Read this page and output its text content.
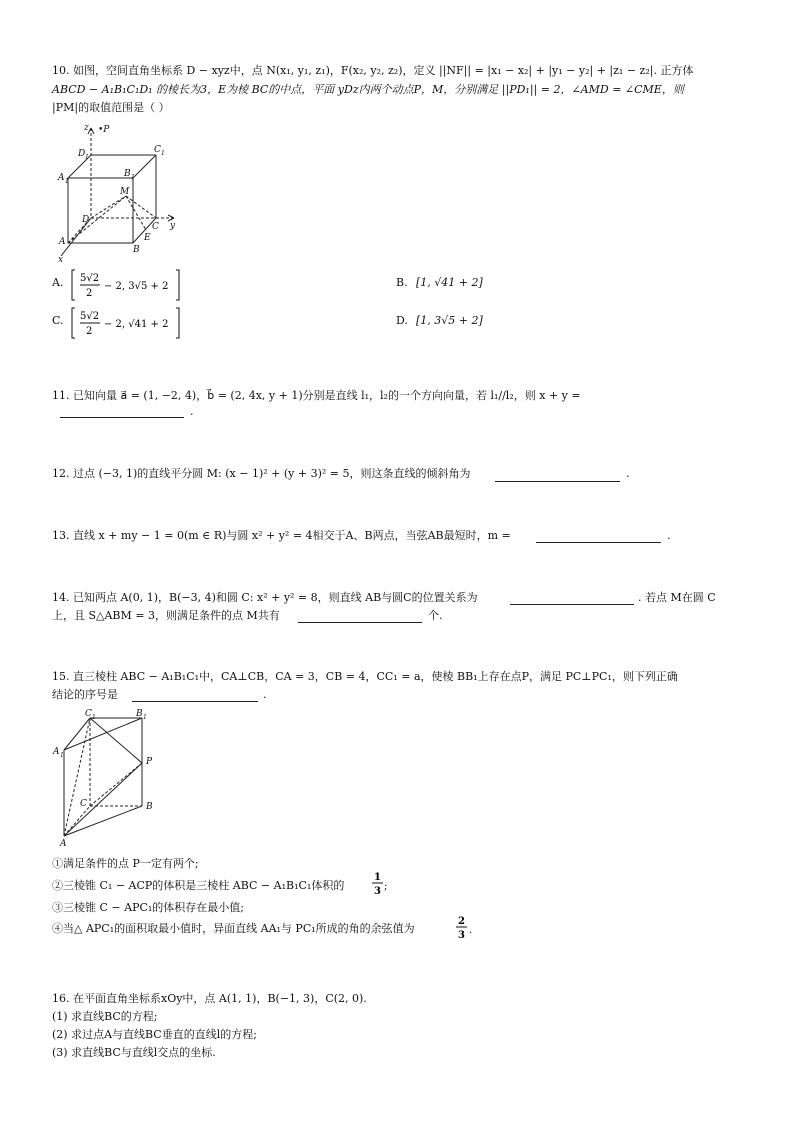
10. 如图，空间直角坐标系 D − xyz中，点 N(x₁, y₁, z₁)，F(x₂, y₂, z₂)，定义 ||NF|| = |x₁ − x₂| + |y₁ − y₂| + |z₁ − z₂|. 正方体
ABCD − A₁B₁C₁D₁ 的棱长为3，E为棱 BC的中点，平面 yDz内两个动点P，M，分别满足 ||PD₁|| = 2，∠AMD = ∠CME，则
|PM|的取值范围是（ ）
z •P
D 1
C 1
A 1
B 1
M
D
C
E
y
A
B
x
A. 5√2
2
− 2, 3√5 + 2	B. [1, √41 + 2]
C. 5√2
2
− 2, √41 + 2	D. [1, 3√5 + 2]
11. 已知向量 a⃗ = (1, −2, 4)，b⃗ = (2, 4x, y + 1)分别是直线 l₁，l₂的一个方向向量，若 l₁//l₂，则 x + y =
.
12. 过点 (−3, 1)的直线平分圆 M: (x − 1)² + (y + 3)² = 5，则这条直线的倾斜角为	.
13. 直线 x + my − 1 = 0(m ∈ R)与圆 x² + y² = 4相交于A、B两点，当弦AB最短时，m =	.
14. 已知两点 A(0, 1)，B(−3, 4)和圆 C: x² + y² = 8，则直线 AB与圆C的位置关系为	. 若点 M在圆 C
上，且 S△ABM = 3，则满足条件的点 M共有	个.
15. 直三棱柱 ABC − A₁B₁C₁中，CA⊥CB，CA = 3，CB = 4，CC₁ = a，使棱 BB₁上存在点P，满足 PC⊥PC₁，则下列正确
结论的序号是	.
C 1	B 1
A 1
P
C	B
A
①满足条件的点 P一定有两个;
②三棱锥 C₁ − ACP的体积是三棱柱 ABC − A₁B₁C₁体积的
1
3 ;
③三棱锥 C − APC₁的体积存在最小值;
④当△ APC₁的面积取最小值时，异面直线 AA₁与 PC₁所成的角的余弦值为
2
3 .
16. 在平面直角坐标系xOy中，点 A(1, 1)，B(−1, 3)，C(2, 0).
(1) 求直线BC的方程;
(2) 求过点A与直线BC垂直的直线l的方程;
(3) 求直线BC与直线l交点的坐标.
